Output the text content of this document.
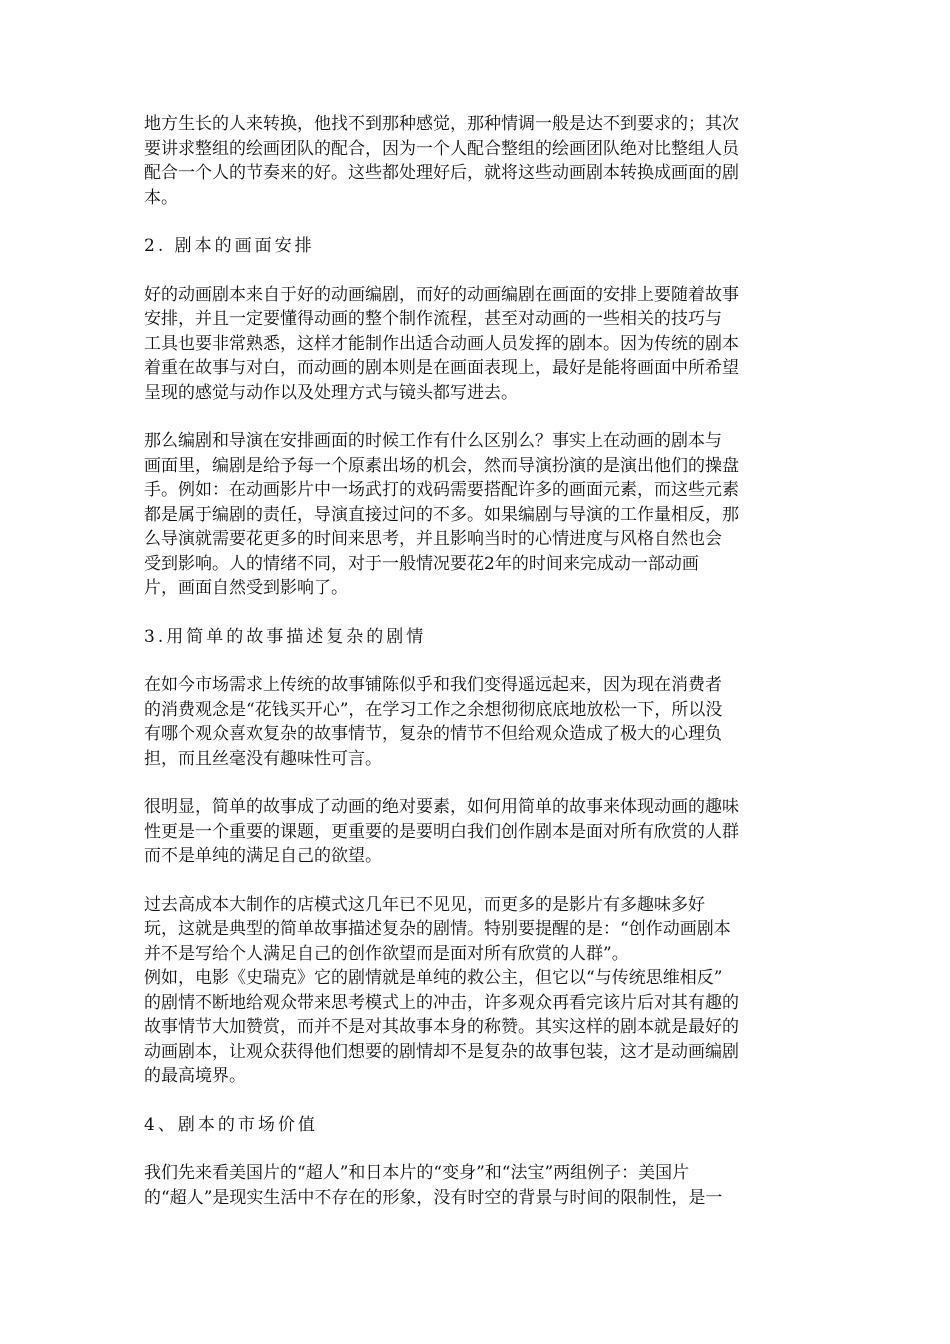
地方生长的人来转换，他找不到那种感觉，那种情调一般是达不到要求的；其次
要讲求整组的绘画团队的配合，因为一个人配合整组的绘画团队绝对比整组人员
配合一个人的节奏来的好。这些都处理好后，就将这些动画剧本转换成画面的剧
本。
2. 剧本的画面安排
好的动画剧本来自于好的动画编剧，而好的动画编剧在画面的安排上要随着故事
安排，并且一定要懂得动画的整个制作流程，甚至对动画的一些相关的技巧与
工具也要非常熟悉，这样才能制作出适合动画人员发挥的剧本。因为传统的剧本
着重在故事与对白，而动画的剧本则是在画面表现上，最好是能将画面中所希望
呈现的感觉与动作以及处理方式与镜头都写进去。
那么编剧和导演在安排画面的时候工作有什么区别么？事实上在动画的剧本与
画面里，编剧是给予每一个原素出场的机会，然而导演扮演的是演出他们的操盘
手。例如：在动画影片中一场武打的戏码需要搭配许多的画面元素，而这些元素
都是属于编剧的责任，导演直接过问的不多。如果编剧与导演的工作量相反，那
么导演就需要花更多的时间来思考，并且影响当时的心情进度与风格自然也会
受到影响。人的情绪不同，对于一般情况要花2年的时间来完成动一部动画
片，画面自然受到影响了。
3.用简单的故事描述复杂的剧情
在如今市场需求上传统的故事铺陈似乎和我们变得遥远起来，因为现在消费者
的消费观念是“花钱买开心”，在学习工作之余想彻彻底底地放松一下，所以没
有哪个观众喜欢复杂的故事情节，复杂的情节不但给观众造成了极大的心理负
担，而且丝毫没有趣味性可言。
很明显，简单的故事成了动画的绝对要素，如何用简单的故事来体现动画的趣味
性更是一个重要的课题，更重要的是要明白我们创作剧本是面对所有欣赏的人群
而不是单纯的满足自己的欲望。
过去高成本大制作的店模式这几年已不见见，而更多的是影片有多趣味多好
玩，这就是典型的简单故事描述复杂的剧情。特别要提醒的是：“创作动画剧本
并不是写给个人满足自己的创作欲望而是面对所有欣赏的人群”。
例如，电影《史瑞克》它的剧情就是单纯的救公主，但它以“与传统思维相反”
的剧情不断地给观众带来思考模式上的冲击，许多观众再看完该片后对其有趣的
故事情节大加赞赏，而并不是对其故事本身的称赞。其实这样的剧本就是最好的
动画剧本，让观众获得他们想要的剧情却不是复杂的故事包装，这才是动画编剧
的最高境界。
4、剧本的市场价值
我们先来看美国片的“超人”和日本片的“变身”和“法宝”两组例子：美国片
的“超人”是现实生活中不存在的形象，没有时空的背景与时间的限制性，是一
